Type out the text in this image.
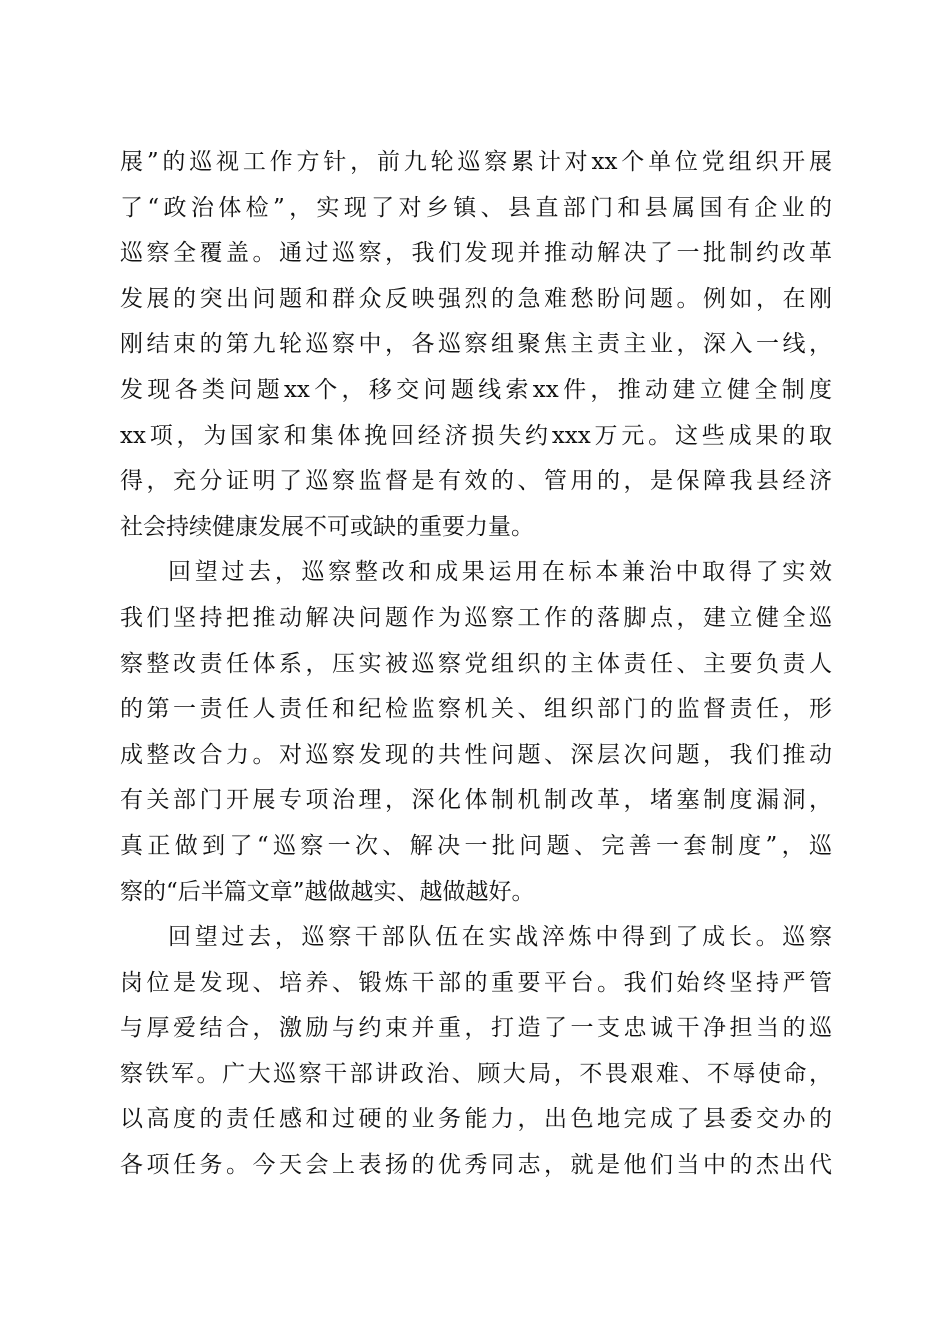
展”的巡视工作方针，前九轮巡察累计对xx个单位党组织开展
了“政治体检”，实现了对乡镇、县直部门和县属国有企业的
巡察全覆盖。通过巡察，我们发现并推动解决了一批制约改革
发展的突出问题和群众反映强烈的急难愁盼问题。例如，在刚
刚结束的第九轮巡察中，各巡察组聚焦主责主业，深入一线，
发现各类问题xx个，移交问题线索xx件，推动建立健全制度
xx项，为国家和集体挽回经济损失约xxx万元。这些成果的取
得，充分证明了巡察监督是有效的、管用的，是保障我县经济
社会持续健康发展不可或缺的重要力量。
回望过去，巡察整改和成果运用在标本兼治中取得了实效
我们坚持把推动解决问题作为巡察工作的落脚点，建立健全巡
察整改责任体系，压实被巡察党组织的主体责任、主要负责人
的第一责任人责任和纪检监察机关、组织部门的监督责任，形
成整改合力。对巡察发现的共性问题、深层次问题，我们推动
有关部门开展专项治理，深化体制机制改革，堵塞制度漏洞，
真正做到了“巡察一次、解决一批问题、完善一套制度”，巡
察的“后半篇文章”越做越实、越做越好。
回望过去，巡察干部队伍在实战淬炼中得到了成长。巡察
岗位是发现、培养、锻炼干部的重要平台。我们始终坚持严管
与厚爱结合，激励与约束并重，打造了一支忠诚干净担当的巡
察铁军。广大巡察干部讲政治、顾大局，不畏艰难、不辱使命，
以高度的责任感和过硬的业务能力，出色地完成了县委交办的
各项任务。今天会上表扬的优秀同志，就是他们当中的杰出代
